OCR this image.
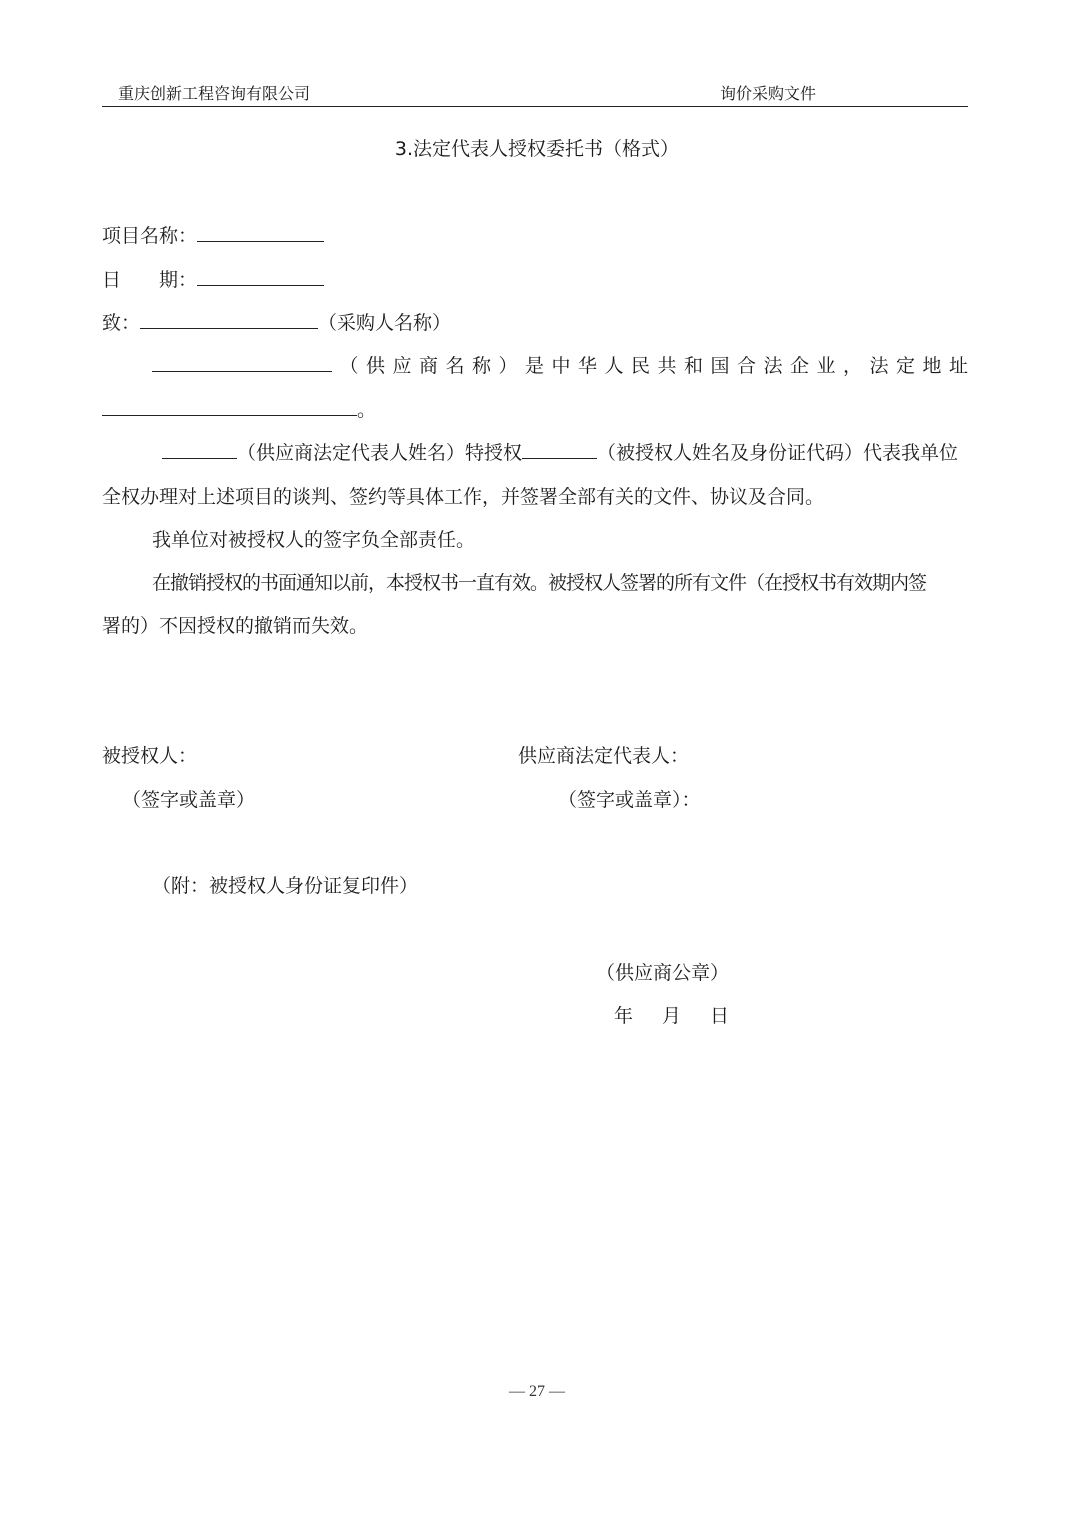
重庆创新工程咨询有限公司	询价采购文件
3.法定代表人授权委托书（格式）
项目名称：
日 期：
致：	（采购人名称）
（ 供 应 商 名 称 ） 是 中 华 人 民 共 和 国 合 法 企 业 ， 法 定 地 址
。
（供应商法定代表人姓名）特授权	（被授权人姓名及身份证代码）代表我单位
全权办理对上述项目的谈判、签约等具体工作，并签署全部有关的文件、协议及合同。
我单位对被授权人的签字负全部责任。
在撤销授权的书面通知以前，本授权书一直有效。被授权人签署的所有文件（在授权书有效期内签
署的）不因授权的撤销而失效。
被授权人：	供应商法定代表人：
（签字或盖章）	（签字或盖章）：
（附：被授权人身份证复印件）
（供应商公章）
年 月 日
— 27 —
